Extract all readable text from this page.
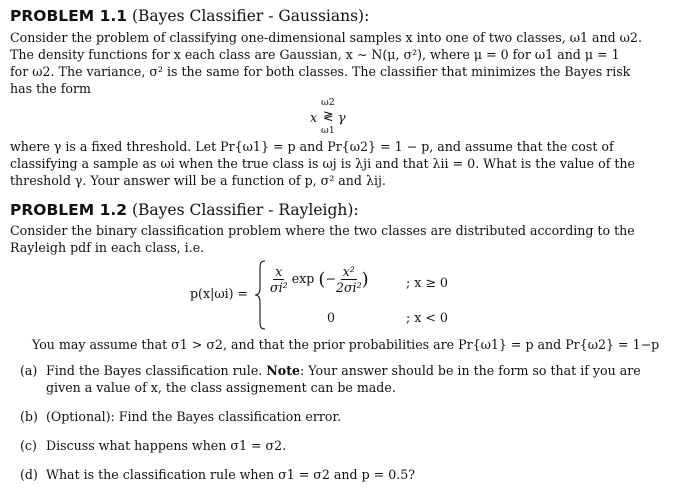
PROBLEM 1.1 (Bayes Classifier - Gaussians):
Consider the problem of classifying one-dimensional samples x into one of two classes, ω1 and ω2.
The density functions for x each class are Gaussian, x ∼ N(μ, σ²), where μ = 0 for ω1 and μ = 1
for ω2. The variance, σ² is the same for both classes. The classifier that minimizes the Bayes risk
has the form
x
ω2
≷
ω1
γ
where γ is a fixed threshold. Let Pr{ω1} = p and Pr{ω2} = 1 − p, and assume that the cost of
classifying a sample as ωi when the true class is ωj is λji and that λii = 0. What is the value of the
threshold γ. Your answer will be a function of p, σ² and λij.
PROBLEM 1.2 (Bayes Classifier - Rayleigh):
Consider the binary classification problem where the two classes are distributed according to the
Rayleigh pdf in each class, i.e.
$p(x|\omega i) = \frac{x}{\text{σi²}}$ exp (− $\frac{\text{x²}}{\text{2σi²}}$ )	; x ≥ 0
0	; x < 0
You may assume that σ1 > σ2, and that the prior probabilities are Pr{ω1} = p and Pr{ω2} = 1−p
(a) Find the Bayes classification rule. Note: Your answer should be in the form so that if you are
given a value of x, the class assignement can be made.
(b) (Optional): Find the Bayes classification error.
(c) Discuss what happens when σ1 = σ2.
(d) What is the classification rule when σ1 = σ2 and p = 0.5?
